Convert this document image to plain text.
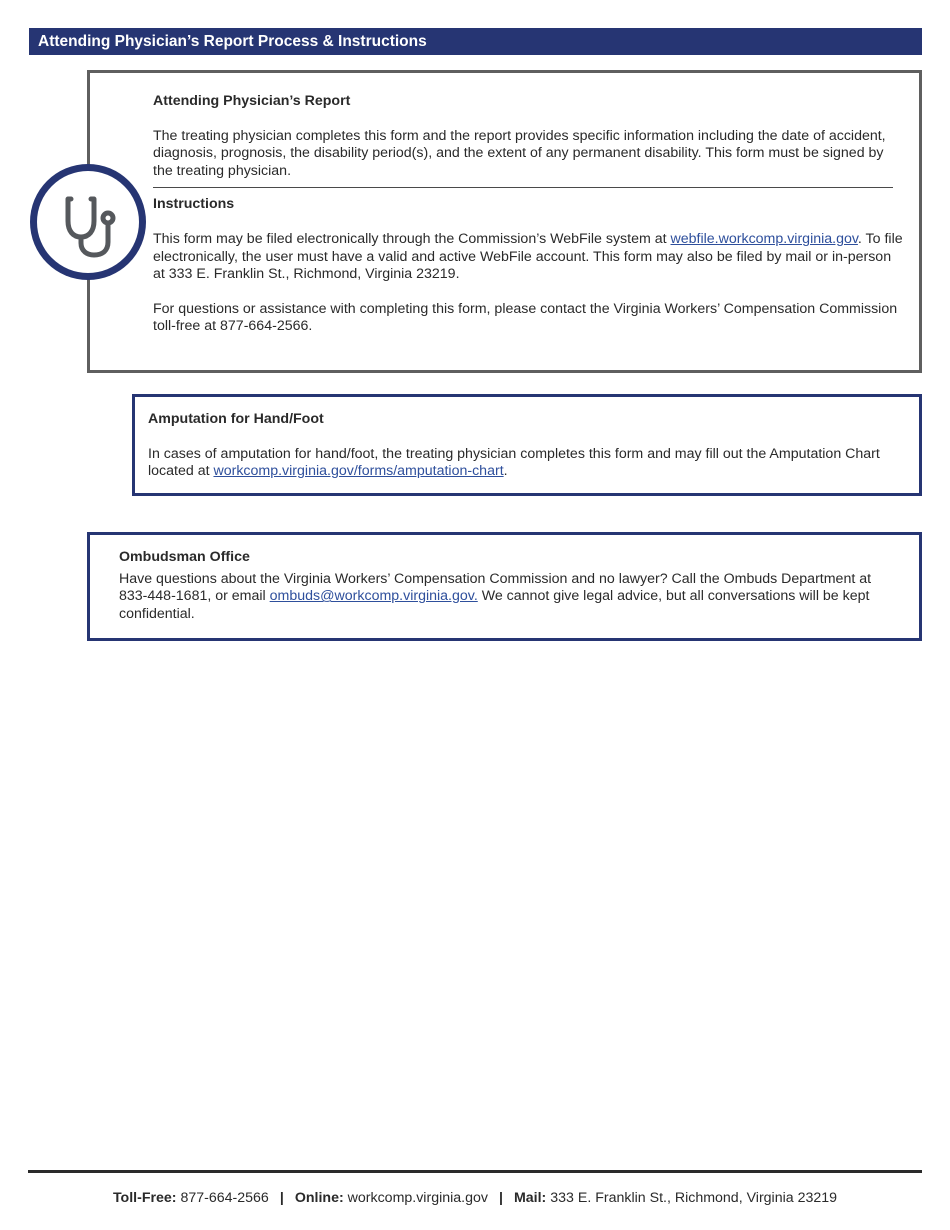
Attending Physician’s Report Process & Instructions

Attending Physician’s Report

The treating physician completes this form and the report provides specific information including the date of accident, diagnosis, prognosis, the disability period(s), and the extent of any permanent disability. This form must be signed by the treating physician.

Instructions

This form may be filed electronically through the Commission’s WebFile system at webfile.workcomp.virginia.gov. To file electronically, the user must have a valid and active WebFile account. This form may also be filed by mail or in-person at 333 E. Franklin St., Richmond, Virginia 23219.

For questions or assistance with completing this form, please contact the Virginia Workers’ Compensation Commission toll-free at 877-664-2566.

Amputation for Hand/Foot

In cases of amputation for hand/foot, the treating physician completes this form and may fill out the Amputation Chart located at workcomp.virginia.gov/forms/amputation-chart.

Ombudsman Office

Have questions about the Virginia Workers’ Compensation Commission and no lawyer? Call the Ombuds Department at 833-448-1681, or email ombuds@workcomp.virginia.gov. We cannot give legal advice, but all conversations will be kept confidential.

Toll-Free: 877-664-2566 | Online: workcomp.virginia.gov | Mail: 333 E. Franklin St., Richmond, Virginia 23219
